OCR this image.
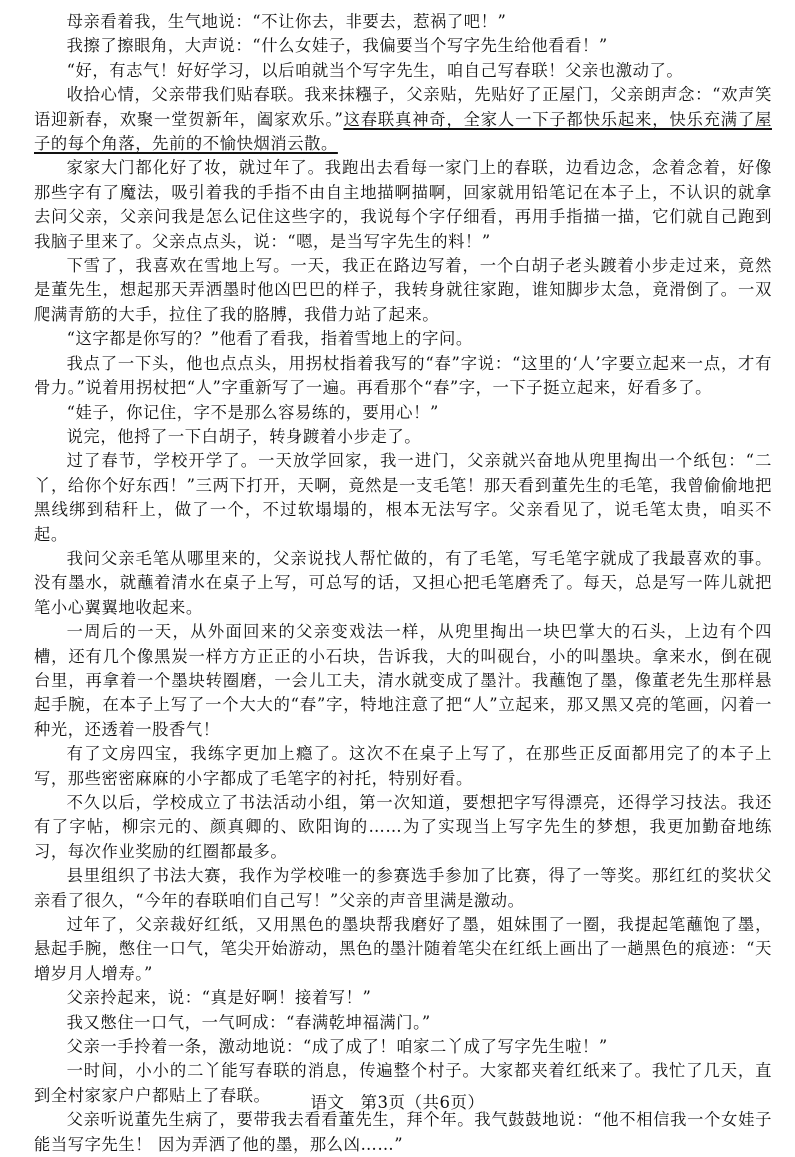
母亲看着我，生气地说：“不让你去，非要去，惹祸了吧！”

我擦了擦眼角，大声说：“什么女娃子，我偏要当个写字先生给他看看！”

“好，有志气！好好学习，以后咱就当个写字先生，咱自己写春联！父亲也激动了。

收拾心情，父亲带我们贴春联。我来抹糨子，父亲贴，先贴好了正屋门，父亲朗声念：“欢声笑语迎新春，欢聚一堂贺新年，阖家欢乐。”这春联真神奇，全家人一下子都快乐起来，快乐充满了屋子的每个角落，先前的不愉快烟消云散。

家家大门都化好了妆，就过年了。我跑出去看每一家门上的春联，边看边念，念着念着，好像那些字有了魔法，吸引着我的手指不由自主地描啊描啊，回家就用铅笔记在本子上，不认识的就拿去问父亲，父亲问我是怎么记住这些字的，我说每个字仔细看，再用手指描一描，它们就自己跑到我脑子里来了。父亲点点头，说：“嗯，是当写字先生的料！”

下雪了，我喜欢在雪地上写。一天，我正在路边写着，一个白胡子老头踱着小步走过来，竟然是董先生，想起那天弄洒墨时他凶巴巴的样子，我转身就往家跑，谁知脚步太急，竟滑倒了。一双爬满青筋的大手，拉住了我的胳膊，我借力站了起来。

“这字都是你写的？”他看了看我，指着雪地上的字问。

我点了一下头，他也点点头，用拐杖指着我写的“春”字说：“这里的‘人’字要立起来一点，才有骨力。”说着用拐杖把“人”字重新写了一遍。再看那个“春”字，一下子挺立起来，好看多了。

“娃子，你记住，字不是那么容易练的，要用心！”

说完，他捋了一下白胡子，转身踱着小步走了。

过了春节，学校开学了。一天放学回家，我一进门，父亲就兴奋地从兜里掏出一个纸包：“二丫，给你个好东西！”三两下打开，天啊，竟然是一支毛笔！那天看到董先生的毛笔，我曾偷偷地把黑线绑到秸秆上，做了一个，不过软塌塌的，根本无法写字。父亲看见了，说毛笔太贵，咱买不起。

我问父亲毛笔从哪里来的，父亲说找人帮忙做的，有了毛笔，写毛笔字就成了我最喜欢的事。没有墨水，就蘸着清水在桌子上写，可总写的话，又担心把毛笔磨秃了。每天，总是写一阵儿就把笔小心翼翼地收起来。

一周后的一天，从外面回来的父亲变戏法一样，从兜里掏出一块巴掌大的石头，上边有个四槽，还有几个像黑炭一样方方正正的小石块，告诉我，大的叫砚台，小的叫墨块。拿来水，倒在砚台里，再拿着一个墨块转圈磨，一会儿工夫，清水就变成了墨汁。我蘸饱了墨，像董老先生那样悬起手腕，在本子上写了一个大大的“春”字，特地注意了把“人”立起来，那又黑又亮的笔画，闪着一种光，还透着一股香气！

有了文房四宝，我练字更加上瘾了。这次不在桌子上写了，在那些正反面都用完了的本子上写，那些密密麻麻的小字都成了毛笔字的衬托，特别好看。

不久以后，学校成立了书法活动小组，第一次知道，要想把字写得漂亮，还得学习技法。我还有了字帖，柳宗元的、颜真卿的、欧阳询的……为了实现当上写字先生的梦想，我更加勤奋地练习，每次作业奖励的红圈都最多。

县里组织了书法大赛，我作为学校唯一的参赛选手参加了比赛，得了一等奖。那红红的奖状父亲看了很久，“今年的春联咱们自己写！”父亲的声音里满是激动。

过年了，父亲裁好红纸，又用黑色的墨块帮我磨好了墨，姐妹围了一圈，我提起笔蘸饱了墨，悬起手腕，憋住一口气，笔尖开始游动，黑色的墨汁随着笔尖在红纸上画出了一趟黑色的痕迹：“天增岁月人增寿。”

父亲拎起来，说：“真是好啊！接着写！”

我又憋住一口气，一气呵成：“春满乾坤福满门。”

父亲一手拎着一条，激动地说：“成了成了！咱家二丫成了写字先生啦！”

一时间，小小的二丫能写春联的消息，传遍整个村子。大家都夹着红纸来了。我忙了几天，直到全村家家户户都贴上了春联。

父亲听说董先生病了，要带我去看看董先生，拜个年。我气鼓鼓地说：“他不相信我一个女娃子能当写字先生！ 因为弄洒了他的墨，那么凶……”

语文 第3页（共6页）
